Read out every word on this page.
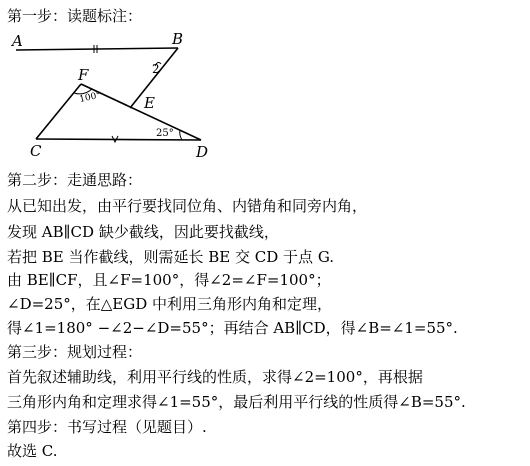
第一步：读题标注：
A	B
F
E
C	D
2
100°
25°
第二步：走通思路：
从已知出发，由平行要找同位角、内错角和同旁内角，
发现 AB∥CD 缺少截线，因此要找截线，
若把 BE 当作截线，则需延长 BE 交 CD 于点 G.
由 BE∥CF，且∠F=100°，得∠2=∠F=100°；
∠D=25°，在△EGD 中利用三角形内角和定理，
得∠1=180° −∠2−∠D=55°；再结合 AB∥CD，得∠B=∠1=55°.
第三步：规划过程：
首先叙述辅助线，利用平行线的性质，求得∠2=100°，再根据
三角形内角和定理求得∠1=55°，最后利用平行线的性质得∠B=55°.
第四步：书写过程（见题目）.
故选 C.
